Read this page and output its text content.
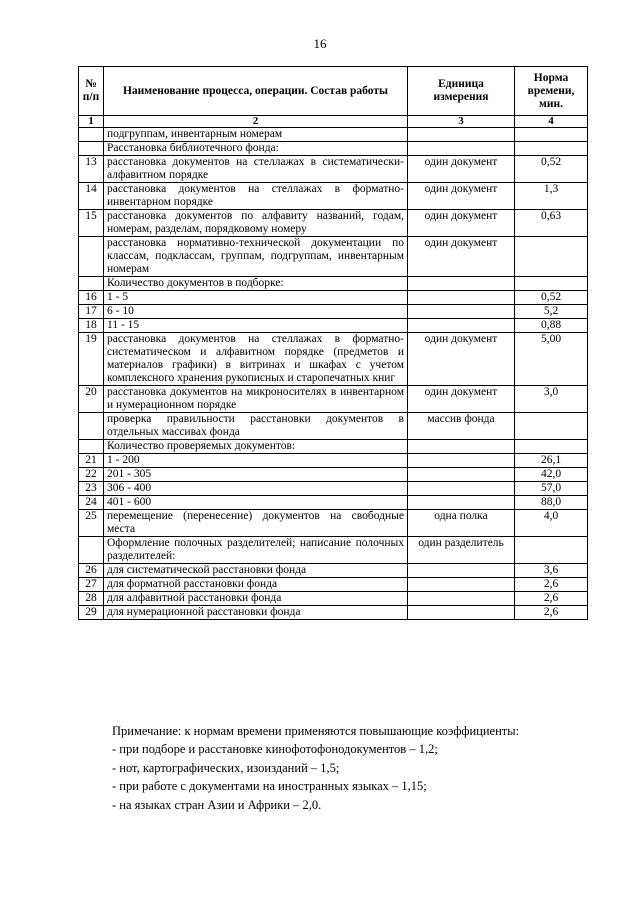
16
№ п/п	Наименование процесса, операции. Состав работы	Единица измерения	Норма времени, мин.
1	2	3	4
	подгруппам, инвентарным номерам		
	Расстановка библиотечного фонда:		
13	расстановка документов на стеллажах в систематически-алфавитном порядке	один документ	0,52
14	расстановка документов на стеллажах в форматно-инвентарном порядке	один документ	1,3
15	расстановка документов по алфавиту названий, годам, номерам, разделам, порядковому номеру	один документ	0,63
	расстановка нормативно-технической документации по классам, подклассам, группам, подгруппам, инвентарным номерам	один документ	
	Количество документов в подборке:		
16	1 - 5		0,52
17	6 - 10		5,2
18	11 - 15		0,88
19	расстановка документов на стеллажах в форматно-систематическом и алфавитном порядке (предметов и материалов графики) в витринах и шкафах с учетом комплексного хранения рукописных и старопечатных книг	один документ	5,00
20	расстановка документов на микроносителях в инвентарном и нумерационном порядке	один документ	3,0
	проверка правильности расстановки документов в отдельных массивах фонда	массив фонда	
	Количество проверяемых документов:		
21	1 - 200		26,1
22	201 - 305		42,0
23	306 - 400		57,0
24	401 - 600		88,0
25	перемещение (перенесение) документов на свободные места	одна полка	4,0
	Оформление полочных разделителей; написание полочных разделителей:	один разделитель	
26	для систематической расстановки фонда		3,6
27	для форматной расстановки фонда		2,6
28	для алфавитной расстановки фонда		2,6
29	для нумерационной расстановки фонда		2,6

Примечание: к нормам времени применяются повышающие коэффициенты:

- при подборе и расстановке кинофотофонодокументов – 1,2;

- нот, картографических, изоизданий – 1,5;

- при работе с документами на иностранных языках – 1,15;

- на языках стран Азии и Африки – 2,0.
